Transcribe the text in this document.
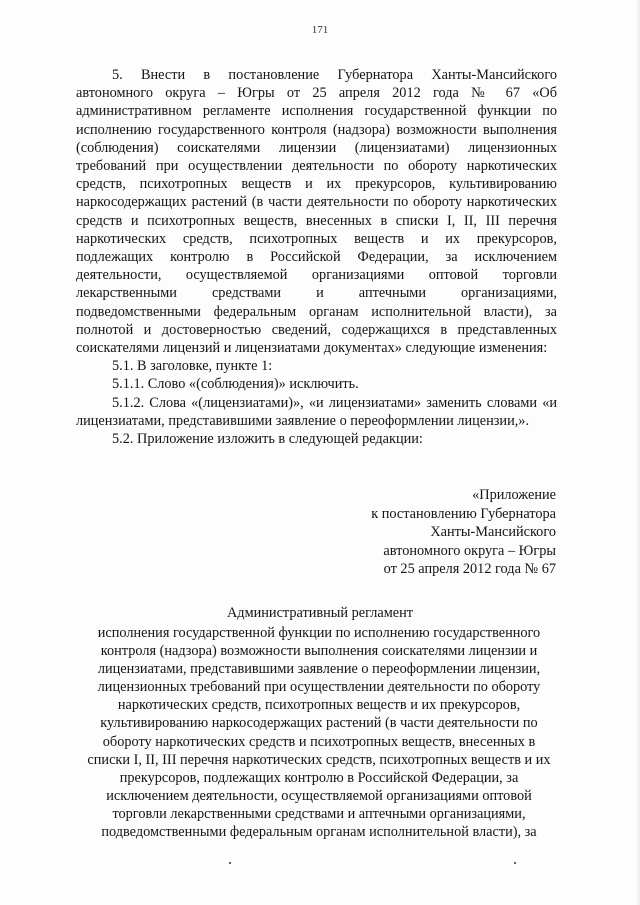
171

5. Внести в постановление Губернатора Ханты-Мансийского автономного округа – Югры от 25 апреля 2012 года № 67 «Об административном регламенте исполнения государственной функции по исполнению государственного контроля (надзора) возможности выполнения (соблюдения) соискателями лицензии (лицензиатами) лицензионных требований при осуществлении деятельности по обороту наркотических средств, психотропных веществ и их прекурсоров, культивированию наркосодержащих растений (в части деятельности по обороту наркотических средств и психотропных веществ, внесенных в списки I, II, III перечня наркотических средств, психотропных веществ и их прекурсоров, подлежащих контролю в Российской Федерации, за исключением деятельности, осуществляемой организациями оптовой торговли лекарственными средствами и аптечными организациями, подведомственными федеральным органам исполнительной власти), за полнотой и достоверностью сведений, содержащихся в представленных соискателями лицензий и лицензиатами документах» следующие изменения:

5.1. В заголовке, пункте 1:

5.1.1. Слово «(соблюдения)» исключить.

5.1.2. Слова «(лицензиатами)», «и лицензиатами» заменить словами «и лицензиатами, представившими заявление о переоформлении лицензии,».

5.2. Приложение изложить в следующей редакции:

«Приложение
к постановлению Губернатора
Ханты-Мансийского
автономного округа – Югры
от 25 апреля 2012 года № 67
Административный регламент
исполнения государственной функции по исполнению государственного контроля (надзора) возможности выполнения соискателями лицензии и лицензиатами, представившими заявление о переоформлении лицензии, лицензионных требований при осуществлении деятельности по обороту наркотических средств, психотропных веществ и их прекурсоров, культивированию наркосодержащих растений (в части деятельности по обороту наркотических средств и психотропных веществ, внесенных в списки I, II, III перечня наркотических средств, психотропных веществ и их прекурсоров, подлежащих контролю в Российской Федерации, за исключением деятельности, осуществляемой организациями оптовой торговли лекарственными средствами и аптечными организациями, подведомственными федеральным органам исполнительной власти), за
